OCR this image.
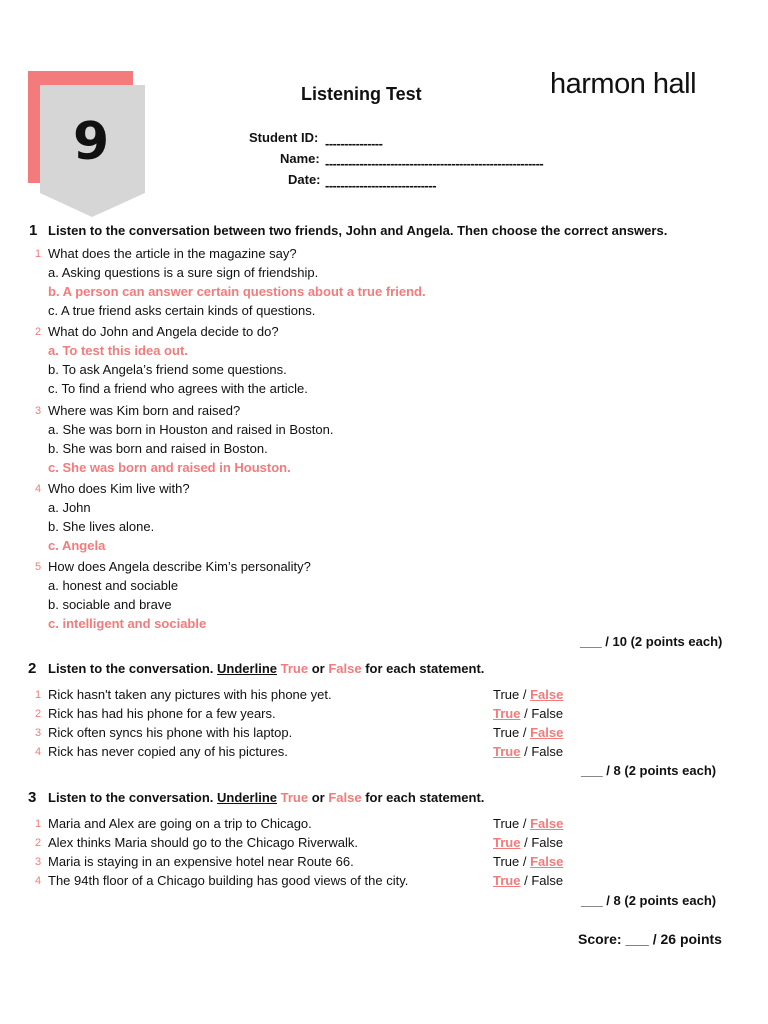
9
Listening Test	harmon hall
Student ID: ---------------
Name: ---------------------------------------------------------
Date: -----------------------------
1 Listen to the conversation between two friends, John and Angela. Then choose the correct answers.
1 What does the article in the magazine say?
a. Asking questions is a sure sign of friendship.
b. A person can answer certain questions about a true friend.
c. A true friend asks certain kinds of questions.
2 What do John and Angela decide to do?
a. To test this idea out.
b. To ask Angela’s friend some questions.
c. To find a friend who agrees with the article.
3 Where was Kim born and raised?
a. She was born in Houston and raised in Boston.
b. She was born and raised in Boston.
c. She was born and raised in Houston.
4 Who does Kim live with?
a. John
b. She lives alone.
c. Angela
5 How does Angela describe Kim’s personality?
a. honest and sociable
b. sociable and brave
c. intelligent and sociable
___ / 10 (2 points each)
2 Listen to the conversation. Underline True or False for each statement.
1 Rick hasn't taken any pictures with his phone yet.	True / False
2 Rick has had his phone for a few years.	True / False
3 Rick often syncs his phone with his laptop.	True / False
4 Rick has never copied any of his pictures.	True / False
___ / 8 (2 points each)
3 Listen to the conversation. Underline True or False for each statement.
1 Maria and Alex are going on a trip to Chicago.	True / False
2 Alex thinks Maria should go to the Chicago Riverwalk.	True / False
3 Maria is staying in an expensive hotel near Route 66.	True / False
4 The 94th floor of a Chicago building has good views of the city.	True / False
___ / 8 (2 points each)
Score: ___ / 26 points
